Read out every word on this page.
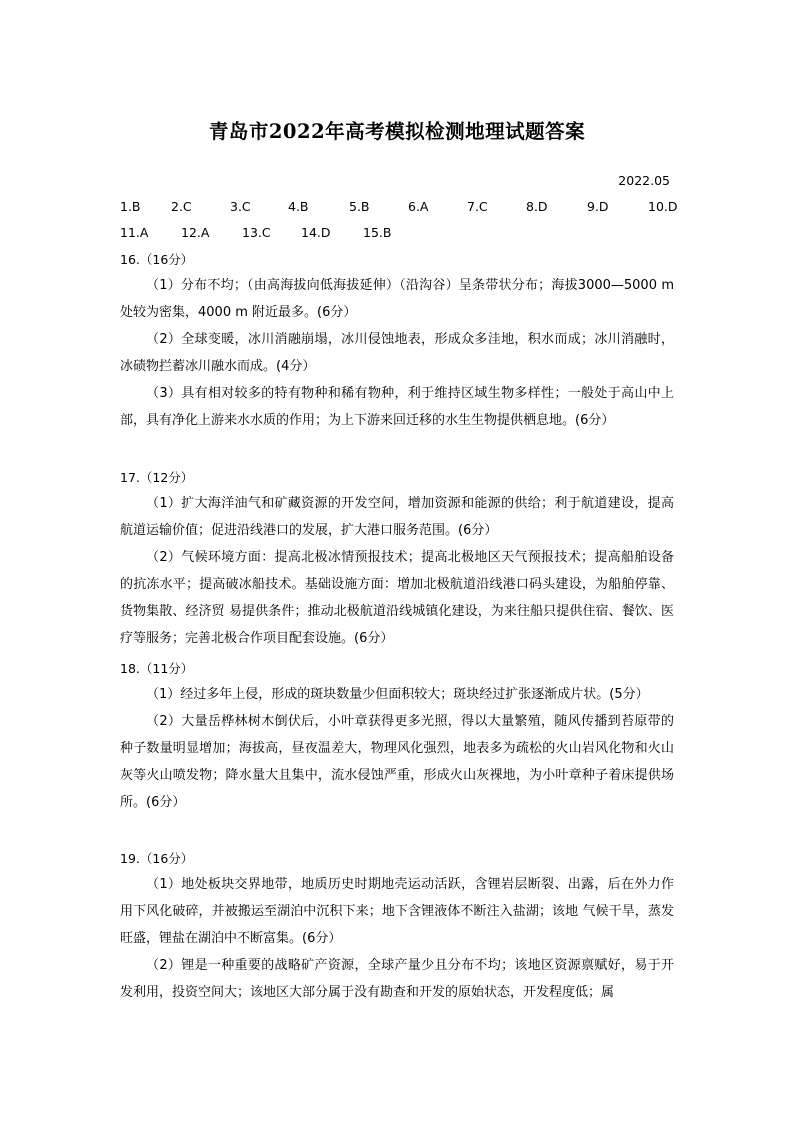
青岛市2022年高考模拟检测地理试题答案
2022.05
1.B 2.C	3.C	4.B	5.B	6.A	7.C	8.D	9.D	10.D
11.A	12.A	13.C 14.D	15.B
16.（16分）

（1）分布不均；（由高海拔向低海拔延伸）（沿沟谷）呈条带状分布；海拔3000—5000 m 处较为密集，4000 m 附近最多。(6分）

（2）全球变暖，冰川消融崩塌，冰川侵蚀地表，形成众多洼地，积水而成；冰川消融时，冰碛物拦蓄冰川融水而成。(4分）

（3）具有相对较多的特有物种和稀有物种，利于维持区域生物多样性；一般处于高山中上部，具有净化上游来水水质的作用；为上下游来回迁移的水生生物提供栖息地。(6分）

17.（12分）

（1）扩大海洋油气和矿藏资源的开发空间，增加资源和能源的供给；利于航道建设，提高航道运输价值；促进沿线港口的发展，扩大港口服务范围。(6分）

（2）气候环境方面：提高北极冰情预报技术；提高北极地区天气预报技术；提高船舶设备的抗冻水平；提高破冰船技术。基础设施方面：增加北极航道沿线港口码头建设，为船舶停靠、货物集散、经济贸 易提供条件；推动北极航道沿线城镇化建设，为来往船只提供住宿、餐饮、医疗等服务；完善北极合作项目配套设施。(6分）

18.（11分）

（1）经过多年上侵，形成的斑块数量少但面积较大；斑块经过扩张逐渐成片状。(5分）

（2）大量岳桦林树木倒伏后，小叶章获得更多光照，得以大量繁殖，随风传播到苔原带的种子数量明显增加；海拔高，昼夜温差大，物理风化强烈，地表多为疏松的火山岩风化物和火山灰等火山喷发物；降水量大且集中，流水侵蚀严重，形成火山灰裸地，为小叶章种子着床提供场所。(6分）

19.（16分）

（1）地处板块交界地带，地质历史时期地壳运动活跃，含锂岩层断裂、出露，后在外力作用下风化破碎，并被搬运至湖泊中沉积下来；地下含锂液体不断注入盐湖；该地 气候干旱，蒸发旺盛，锂盐在湖泊中不断富集。(6分）

（2）锂是一种重要的战略矿产资源，全球产量少且分布不均；该地区资源禀赋好，易于开发利用，投资空间大；该地区大部分属于没有勘查和开发的原始状态，开发程度低；属
